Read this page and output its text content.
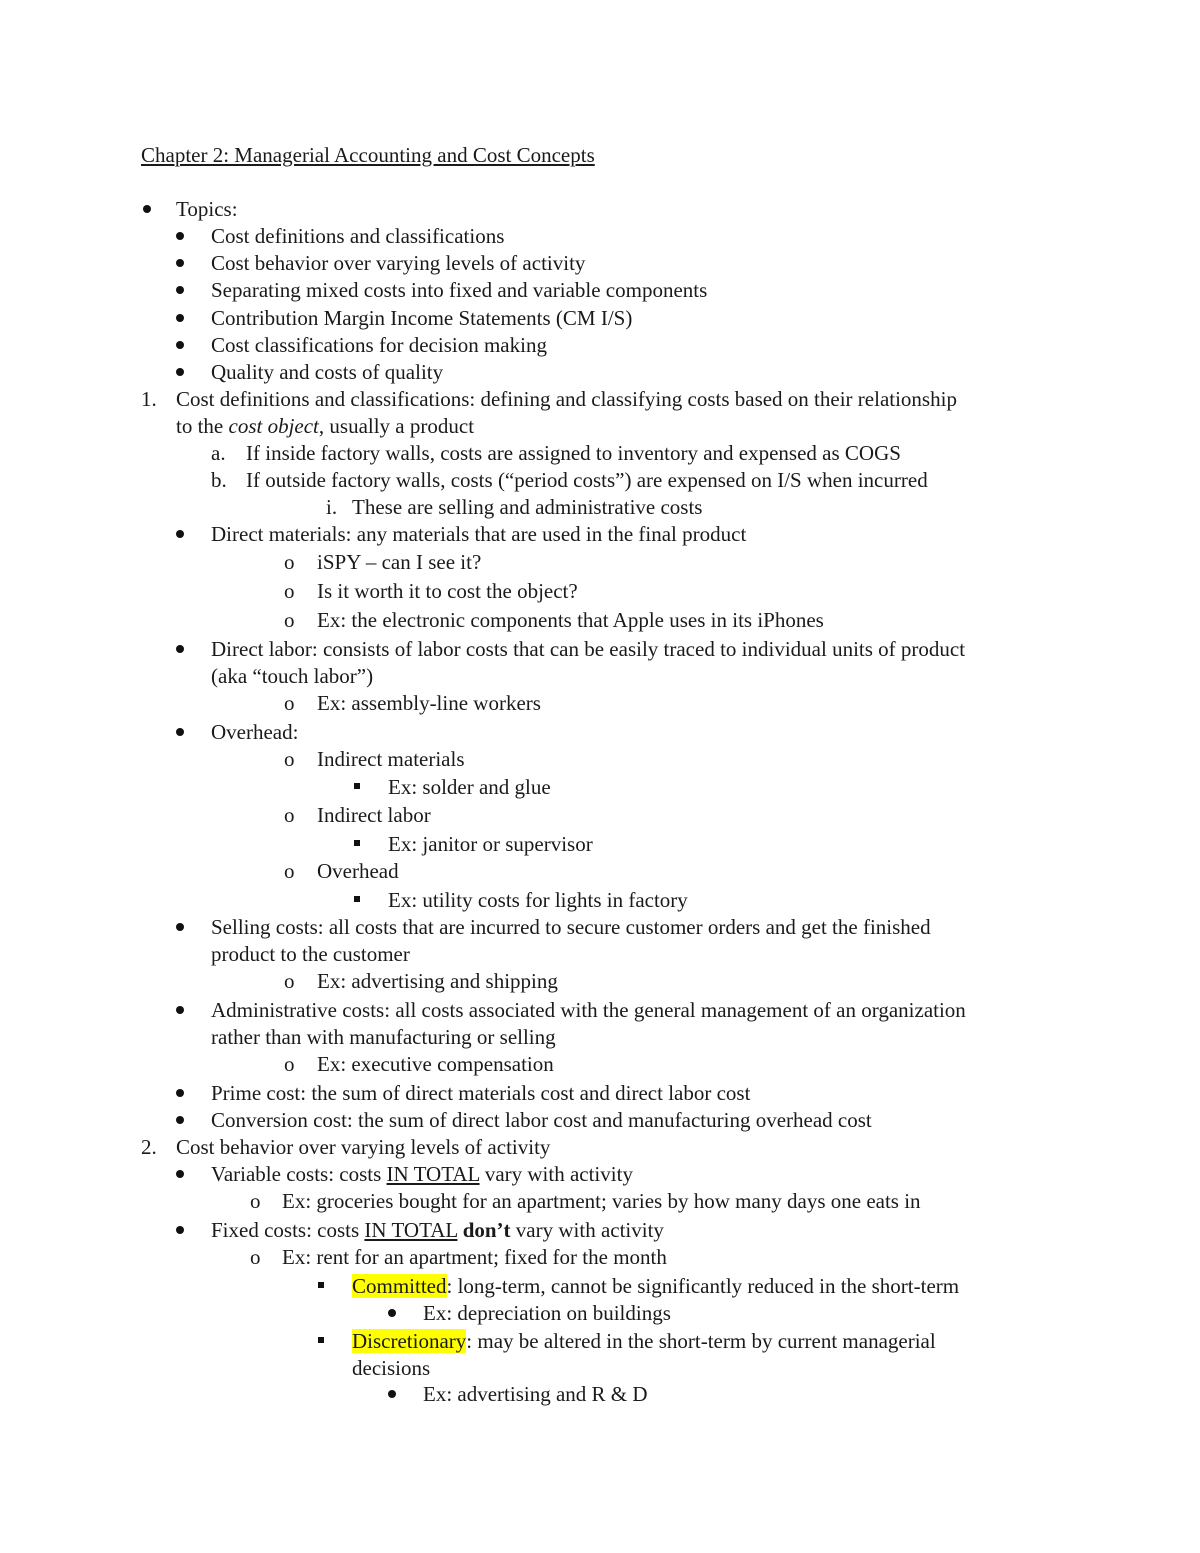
Chapter 2: Managerial Accounting and Cost Concepts
Topics:
Cost definitions and classifications
Cost behavior over varying levels of activity
Separating mixed costs into fixed and variable components
Contribution Margin Income Statements (CM I/S)
Cost classifications for decision making
Quality and costs of quality
1. Cost definitions and classifications: defining and classifying costs based on their relationship
to the cost object, usually a product
a. If inside factory walls, costs are assigned to inventory and expensed as COGS
b. If outside factory walls, costs (“period costs”) are expensed on I/S when incurred
i. These are selling and administrative costs
Direct materials: any materials that are used in the final product
o iSPY – can I see it?
o Is it worth it to cost the object?
o Ex: the electronic components that Apple uses in its iPhones
Direct labor: consists of labor costs that can be easily traced to individual units of product
(aka “touch labor”)
o Ex: assembly-line workers
Overhead:
o Indirect materials
Ex: solder and glue
o Indirect labor
Ex: janitor or supervisor
o Overhead
Ex: utility costs for lights in factory
Selling costs: all costs that are incurred to secure customer orders and get the finished
product to the customer
o Ex: advertising and shipping
Administrative costs: all costs associated with the general management of an organization
rather than with manufacturing or selling
o Ex: executive compensation
Prime cost: the sum of direct materials cost and direct labor cost
Conversion cost: the sum of direct labor cost and manufacturing overhead cost
2. Cost behavior over varying levels of activity
Variable costs: costs IN TOTAL vary with activity
o Ex: groceries bought for an apartment; varies by how many days one eats in
Fixed costs: costs IN TOTAL don’t vary with activity
o Ex: rent for an apartment; fixed for the month
Committed: long-term, cannot be significantly reduced in the short-term
Ex: depreciation on buildings
Discretionary: may be altered in the short-term by current managerial
decisions
Ex: advertising and R & D
